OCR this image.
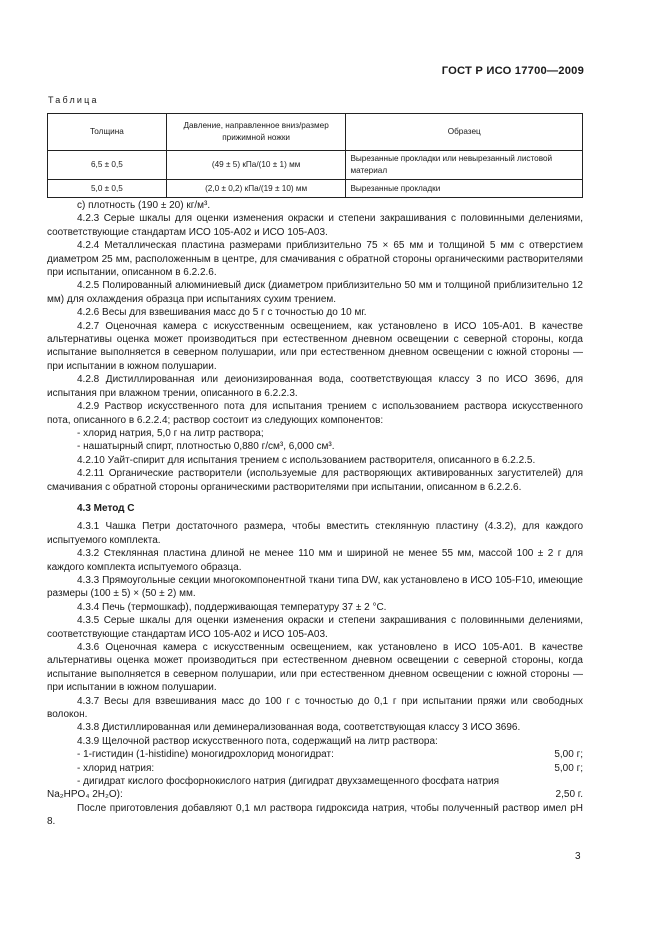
ГОСТ Р ИСО 17700—2009
Таблица
Толщина	Давление, направленное вниз/размер прижимной ножки	Образец
6,5 ± 0,5	(49 ± 5) кПа/(10 ± 1) мм	Вырезанные прокладки или невырезанный листовой материал
5,0 ± 0,5	(2,0 ± 0,2) кПа/(19 ± 10) мм	Вырезанные прокладки

c) плотность (190 ± 20) кг/м³.

4.2.3 Серые шкалы для оценки изменения окраски и степени закрашивания с половинными делениями, соответствующие стандартам ИСО 105-A02 и ИСО 105-A03.

4.2.4 Металлическая пластина размерами приблизительно 75 × 65 мм и толщиной 5 мм с отверстием диаметром 25 мм, расположенным в центре, для смачивания с обратной стороны органическими растворителями при испытании, описанном в 6.2.2.6.

4.2.5 Полированный алюминиевый диск (диаметром приблизительно 50 мм и толщиной приблизительно 12 мм) для охлаждения образца при испытаниях сухим трением.

4.2.6 Весы для взвешивания масс до 5 г с точностью до 10 мг.

4.2.7 Оценочная камера с искусственным освещением, как установлено в ИСО 105-A01. В качестве альтернативы оценка может производиться при естественном дневном освещении с северной стороны, когда испытание выполняется в северном полушарии, или при естественном дневном освещении с южной стороны — при испытании в южном полушарии.

4.2.8 Дистиллированная или деионизированная вода, соответствующая классу 3 по ИСО 3696, для испытания при влажном трении, описанного в 6.2.2.3.

4.2.9 Раствор искусственного пота для испытания трением с использованием раствора искусственного пота, описанного в 6.2.2.4; раствор состоит из следующих компонентов:

- хлорид натрия, 5,0 г на литр раствора;

- нашатырный спирт, плотностью 0,880 г/см³, 6,000 см³.

4.2.10 Уайт-спирит для испытания трением с использованием растворителя, описанного в 6.2.2.5.

4.2.11 Органические растворители (используемые для растворяющих активированных загустителей) для смачивания с обратной стороны органическими растворителями при испытании, описанном в 6.2.2.6.

4.3 Метод C

4.3.1 Чашка Петри достаточного размера, чтобы вместить стеклянную пластину (4.3.2), для каждого испытуемого комплекта.

4.3.2 Стеклянная пластина длиной не менее 110 мм и шириной не менее 55 мм, массой 100 ± 2 г для каждого комплекта испытуемого образца.

4.3.3 Прямоугольные секции многокомпонентной ткани типа DW, как установлено в ИСО 105-F10, имеющие размеры (100 ± 5) × (50 ± 2) мм.

4.3.4 Печь (термошкаф), поддерживающая температуру 37 ± 2 °C.

4.3.5 Серые шкалы для оценки изменения окраски и степени закрашивания с половинными делениями, соответствующие стандартам ИСО 105-A02 и ИСО 105-A03.

4.3.6 Оценочная камера с искусственным освещением, как установлено в ИСО 105-A01. В качестве альтернативы оценка может производиться при естественном дневном освещении с северной стороны, когда испытание выполняется в северном полушарии, или при естественном дневном освещении с южной стороны — при испытании в южном полушарии.

4.3.7 Весы для взвешивания масс до 100 г с точностью до 0,1 г при испытании пряжи или свободных волокон.

4.3.8 Дистиллированная или деминерализованная вода, соответствующая классу 3 ИСО 3696.

4.3.9 Щелочной раствор искусственного пота, содержащий на литр раствора:

- 1-гистидин (1-histidine) моногидрохлорид моногидрат:	5,00 г;
- хлорид натрия:	5,00 г;

- дигидрат кислого фосфорнокислого натрия (дигидрат двухзамещенного фосфата натрия

Na₂HPO₄ 2H₂O):	2,50 г.

После приготовления добавляют 0,1 мл раствора гидроксида натрия, чтобы полученный раствор имел pH 8.

3
